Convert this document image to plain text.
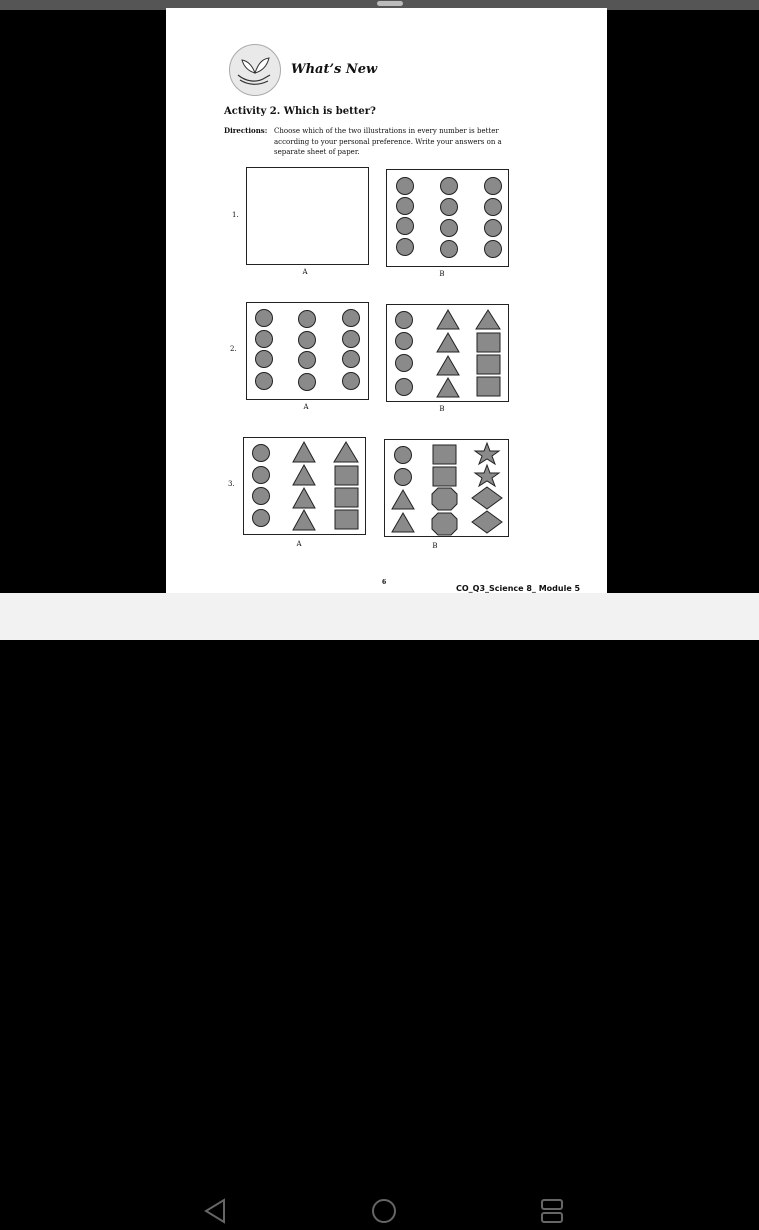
What’s New
Activity 2. Which is better?
Directions: Choose which of the two illustrations in every number is better according to your personal preference. Write your answers on a separate sheet of paper.
1.
A	B
2.
A	B
3.
A	B
6
CO_Q3_Science 8_ Module 5
